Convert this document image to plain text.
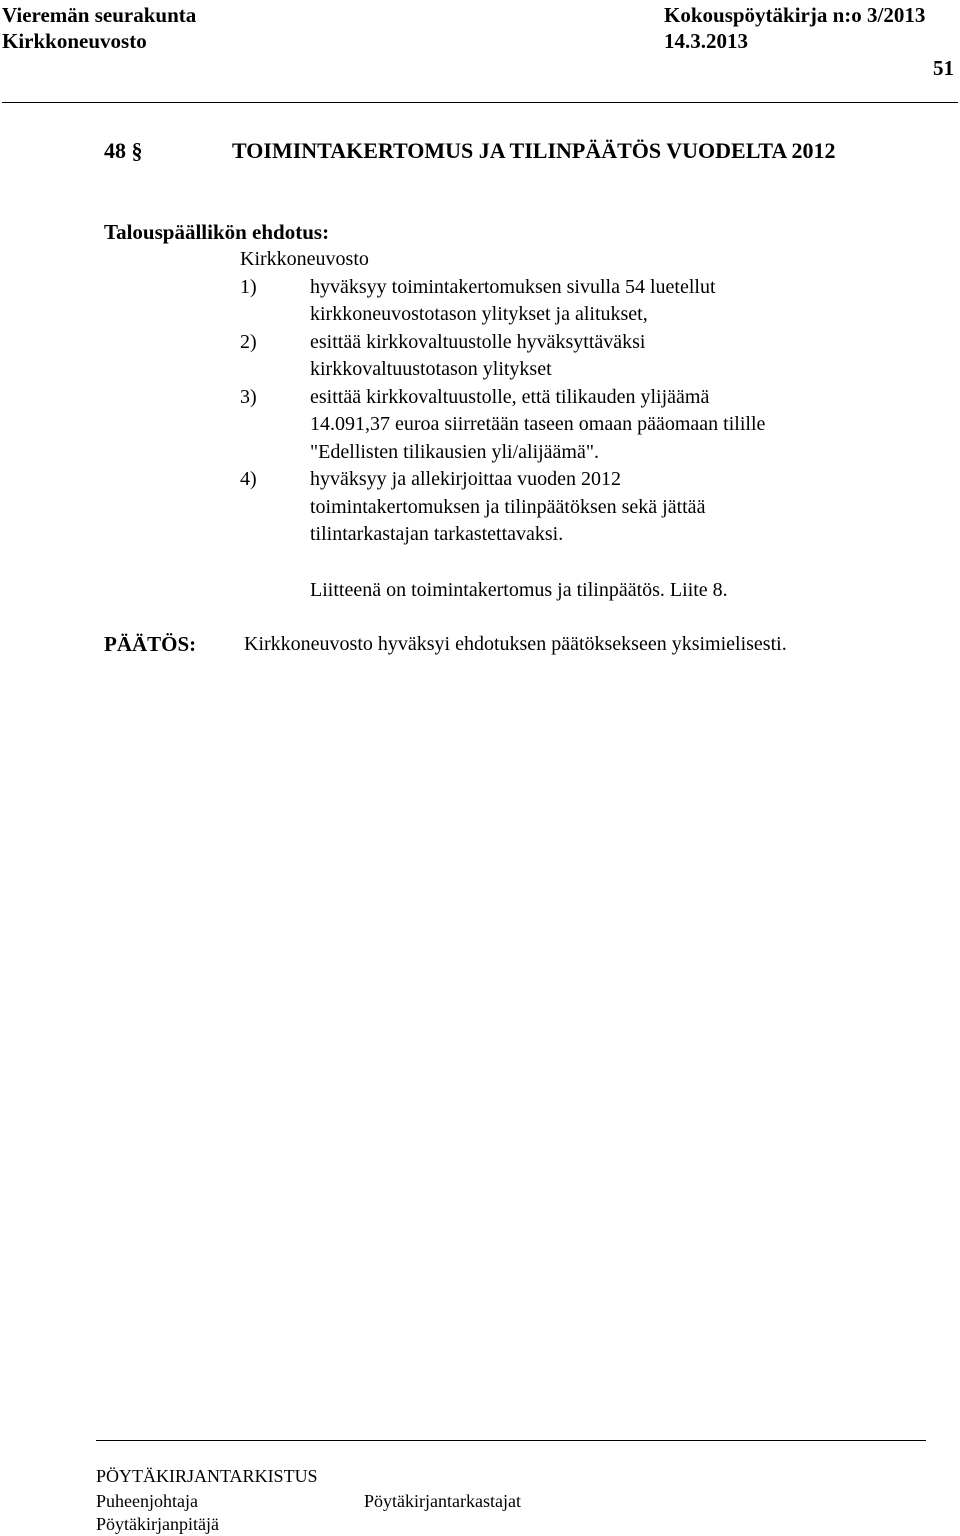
Vieremän seurakunta	Kokouspöytäkirja n:o 3/2013
Kirkkoneuvosto	14.3.2013
51
48 §	TOIMINTAKERTOMUS JA TILINPÄÄTÖS VUODELTA 2012
Talouspäällikön ehdotus:
Kirkkoneuvosto
1)	hyväksyy toimintakertomuksen sivulla 54 luetellut
kirkkoneuvostotason ylitykset ja alitukset,
2)	esittää kirkkovaltuustolle hyväksyttäväksi
kirkkovaltuustotason ylitykset
3)	esittää kirkkovaltuustolle, että tilikauden ylijäämä
14.091,37 euroa siirretään taseen omaan pääomaan tilille
"Edellisten tilikausien yli/alijäämä".
4)	hyväksyy ja allekirjoittaa vuoden 2012
toimintakertomuksen ja tilinpäätöksen sekä jättää
tilintarkastajan tarkastettavaksi.
Liitteenä on toimintakertomus ja tilinpäätös. Liite 8.
PÄÄTÖS: Kirkkoneuvosto hyväksyi ehdotuksen päätöksekseen yksimielisesti.
PÖYTÄKIRJANTARKISTUS
Puheenjohtaja	Pöytäkirjantarkastajat
Pöytäkirjanpitäjä
